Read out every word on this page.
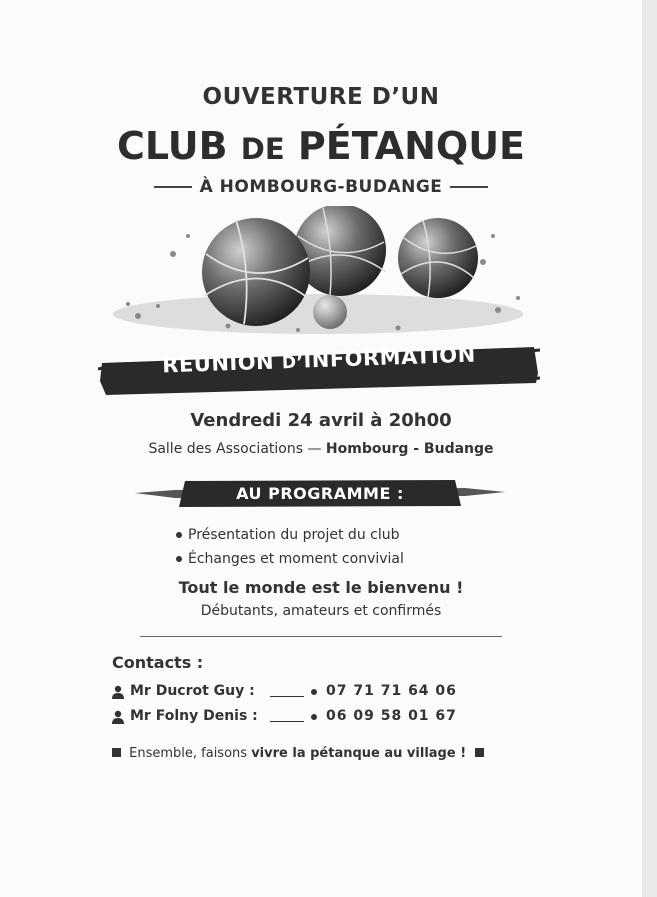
OUVERTURE D’UN
CLUB DE PÉTANQUE
À HOMBOURG-BUDANGE
RÉUNION D’INFORMATION
Vendredi 24 avril à 20h00
Salle des Associations — Hombourg - Budange
AU PROGRAMME :
Présentation du projet du club
Échanges et moment convivial
Tout le monde est le bienvenu !
Débutants, amateurs et confirmés
Contacts :
Mr Ducrot Guy :	07 71 71 64 06
Mr Folny Denis :	06 09 58 01 67
Ensemble, faisons vivre la pétanque au village !
